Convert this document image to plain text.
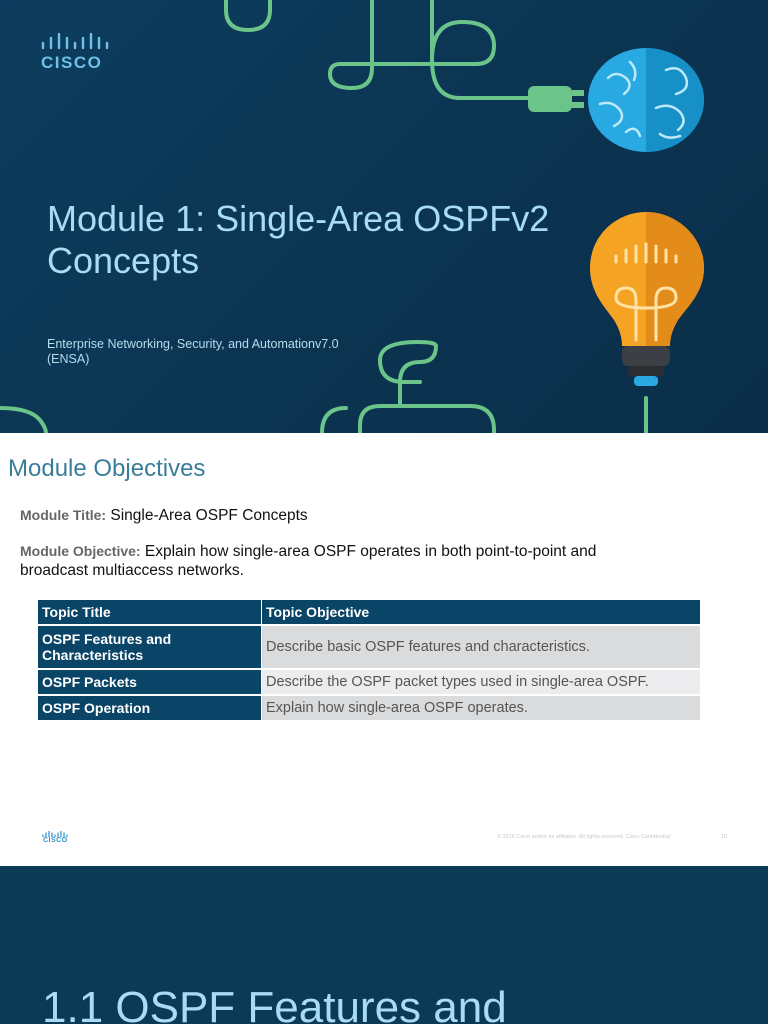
CISCO
Module 1: Single-Area OSPFv2 Concepts
Enterprise Networking, Security, and Automationv7.0
(ENSA)
Module Objectives
Module Title: Single-Area OSPF Concepts
Module Objective: Explain how single-area OSPF operates in both point-to-point and broadcast multiaccess networks.
Topic Title	Topic Objective
OSPF Features and Characteristics	Describe basic OSPF features and characteristics.
OSPF Packets	Describe the OSPF packet types used in single-area OSPF.
OSPF Operation	Explain how single-area OSPF operates.
CISCO	© 2016 Cisco and/or its affiliates. All rights reserved. Cisco Confidential	10
1.1 OSPF Features and
